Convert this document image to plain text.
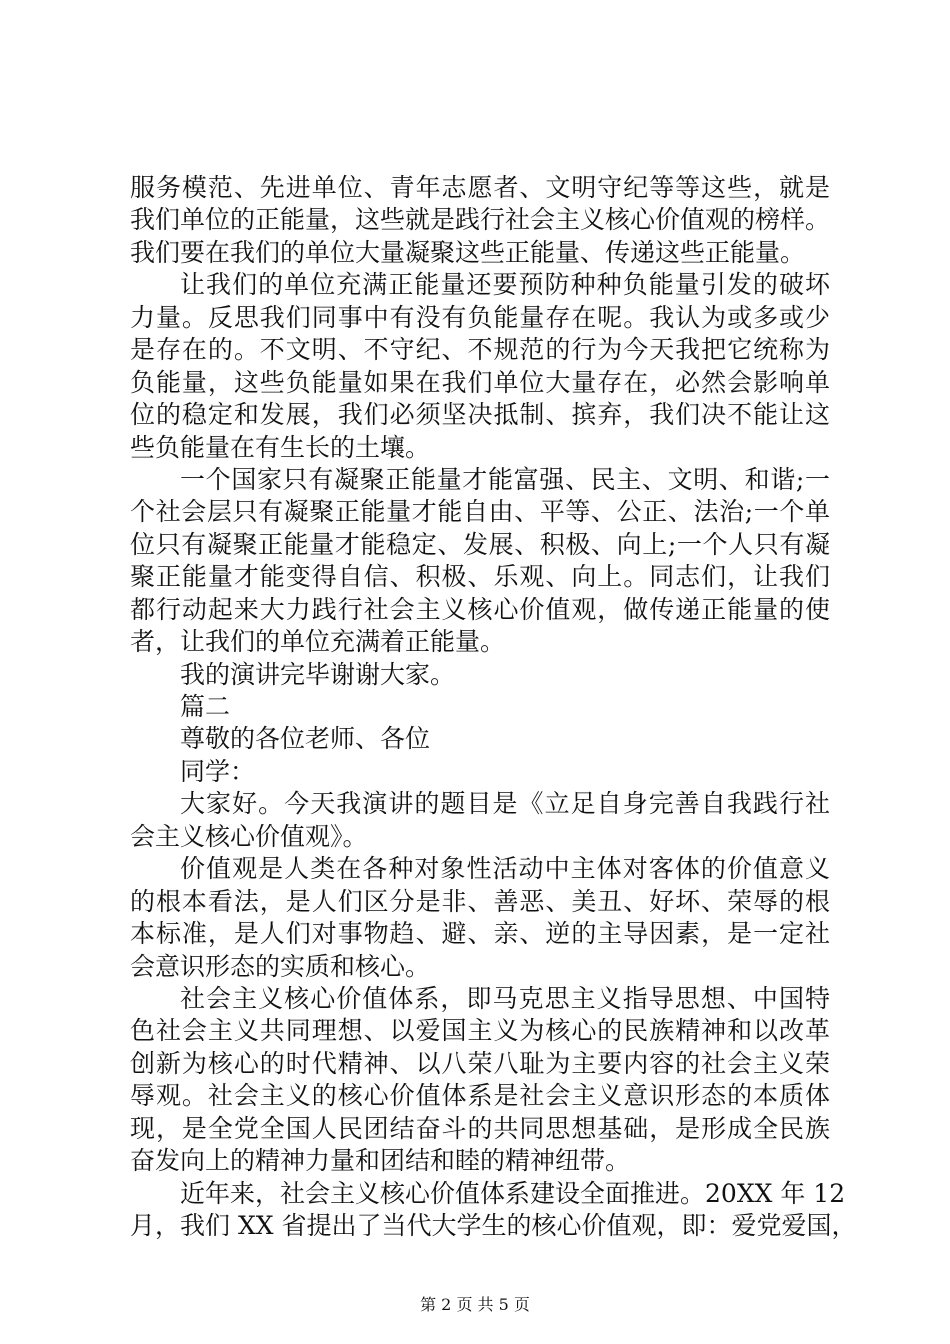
服务模范、先进单位、青年志愿者、文明守纪等等这些，就是
我们单位的正能量，这些就是践行社会主义核心价值观的榜样。
我们要在我们的单位大量凝聚这些正能量、传递这些正能量。
让我们的单位充满正能量还要预防种种负能量引发的破坏
力量。反思我们同事中有没有负能量存在呢。我认为或多或少
是存在的。不文明、不守纪、不规范的行为今天我把它统称为
负能量，这些负能量如果在我们单位大量存在，必然会影响单
位的稳定和发展，我们必须坚决抵制、摈弃，我们决不能让这
些负能量在有生长的土壤。
一个国家只有凝聚正能量才能富强、民主、文明、和谐;一
个社会层只有凝聚正能量才能自由、平等、公正、法治;一个单
位只有凝聚正能量才能稳定、发展、积极、向上;一个人只有凝
聚正能量才能变得自信、积极、乐观、向上。同志们，让我们
都行动起来大力践行社会主义核心价值观，做传递正能量的使
者，让我们的单位充满着正能量。
我的演讲完毕谢谢大家。
篇二
尊敬的各位老师、各位
同学：
大家好。今天我演讲的题目是《立足自身完善自我践行社
会主义核心价值观》。
价值观是人类在各种对象性活动中主体对客体的价值意义
的根本看法，是人们区分是非、善恶、美丑、好坏、荣辱的根
本标准，是人们对事物趋、避、亲、逆的主导因素，是一定社
会意识形态的实质和核心。
社会主义核心价值体系，即马克思主义指导思想、中国特
色社会主义共同理想、以爱国主义为核心的民族精神和以改革
创新为核心的时代精神、以八荣八耻为主要内容的社会主义荣
辱观。社会主义的核心价值体系是社会主义意识形态的本质体
现，是全党全国人民团结奋斗的共同思想基础，是形成全民族
奋发向上的精神力量和团结和睦的精神纽带。
近年来，社会主义核心价值体系建设全面推进。20XX 年 12
月，我们 XX 省提出了当代大学生的核心价值观，即：爱党爱国，
第 2 页 共 5 页
